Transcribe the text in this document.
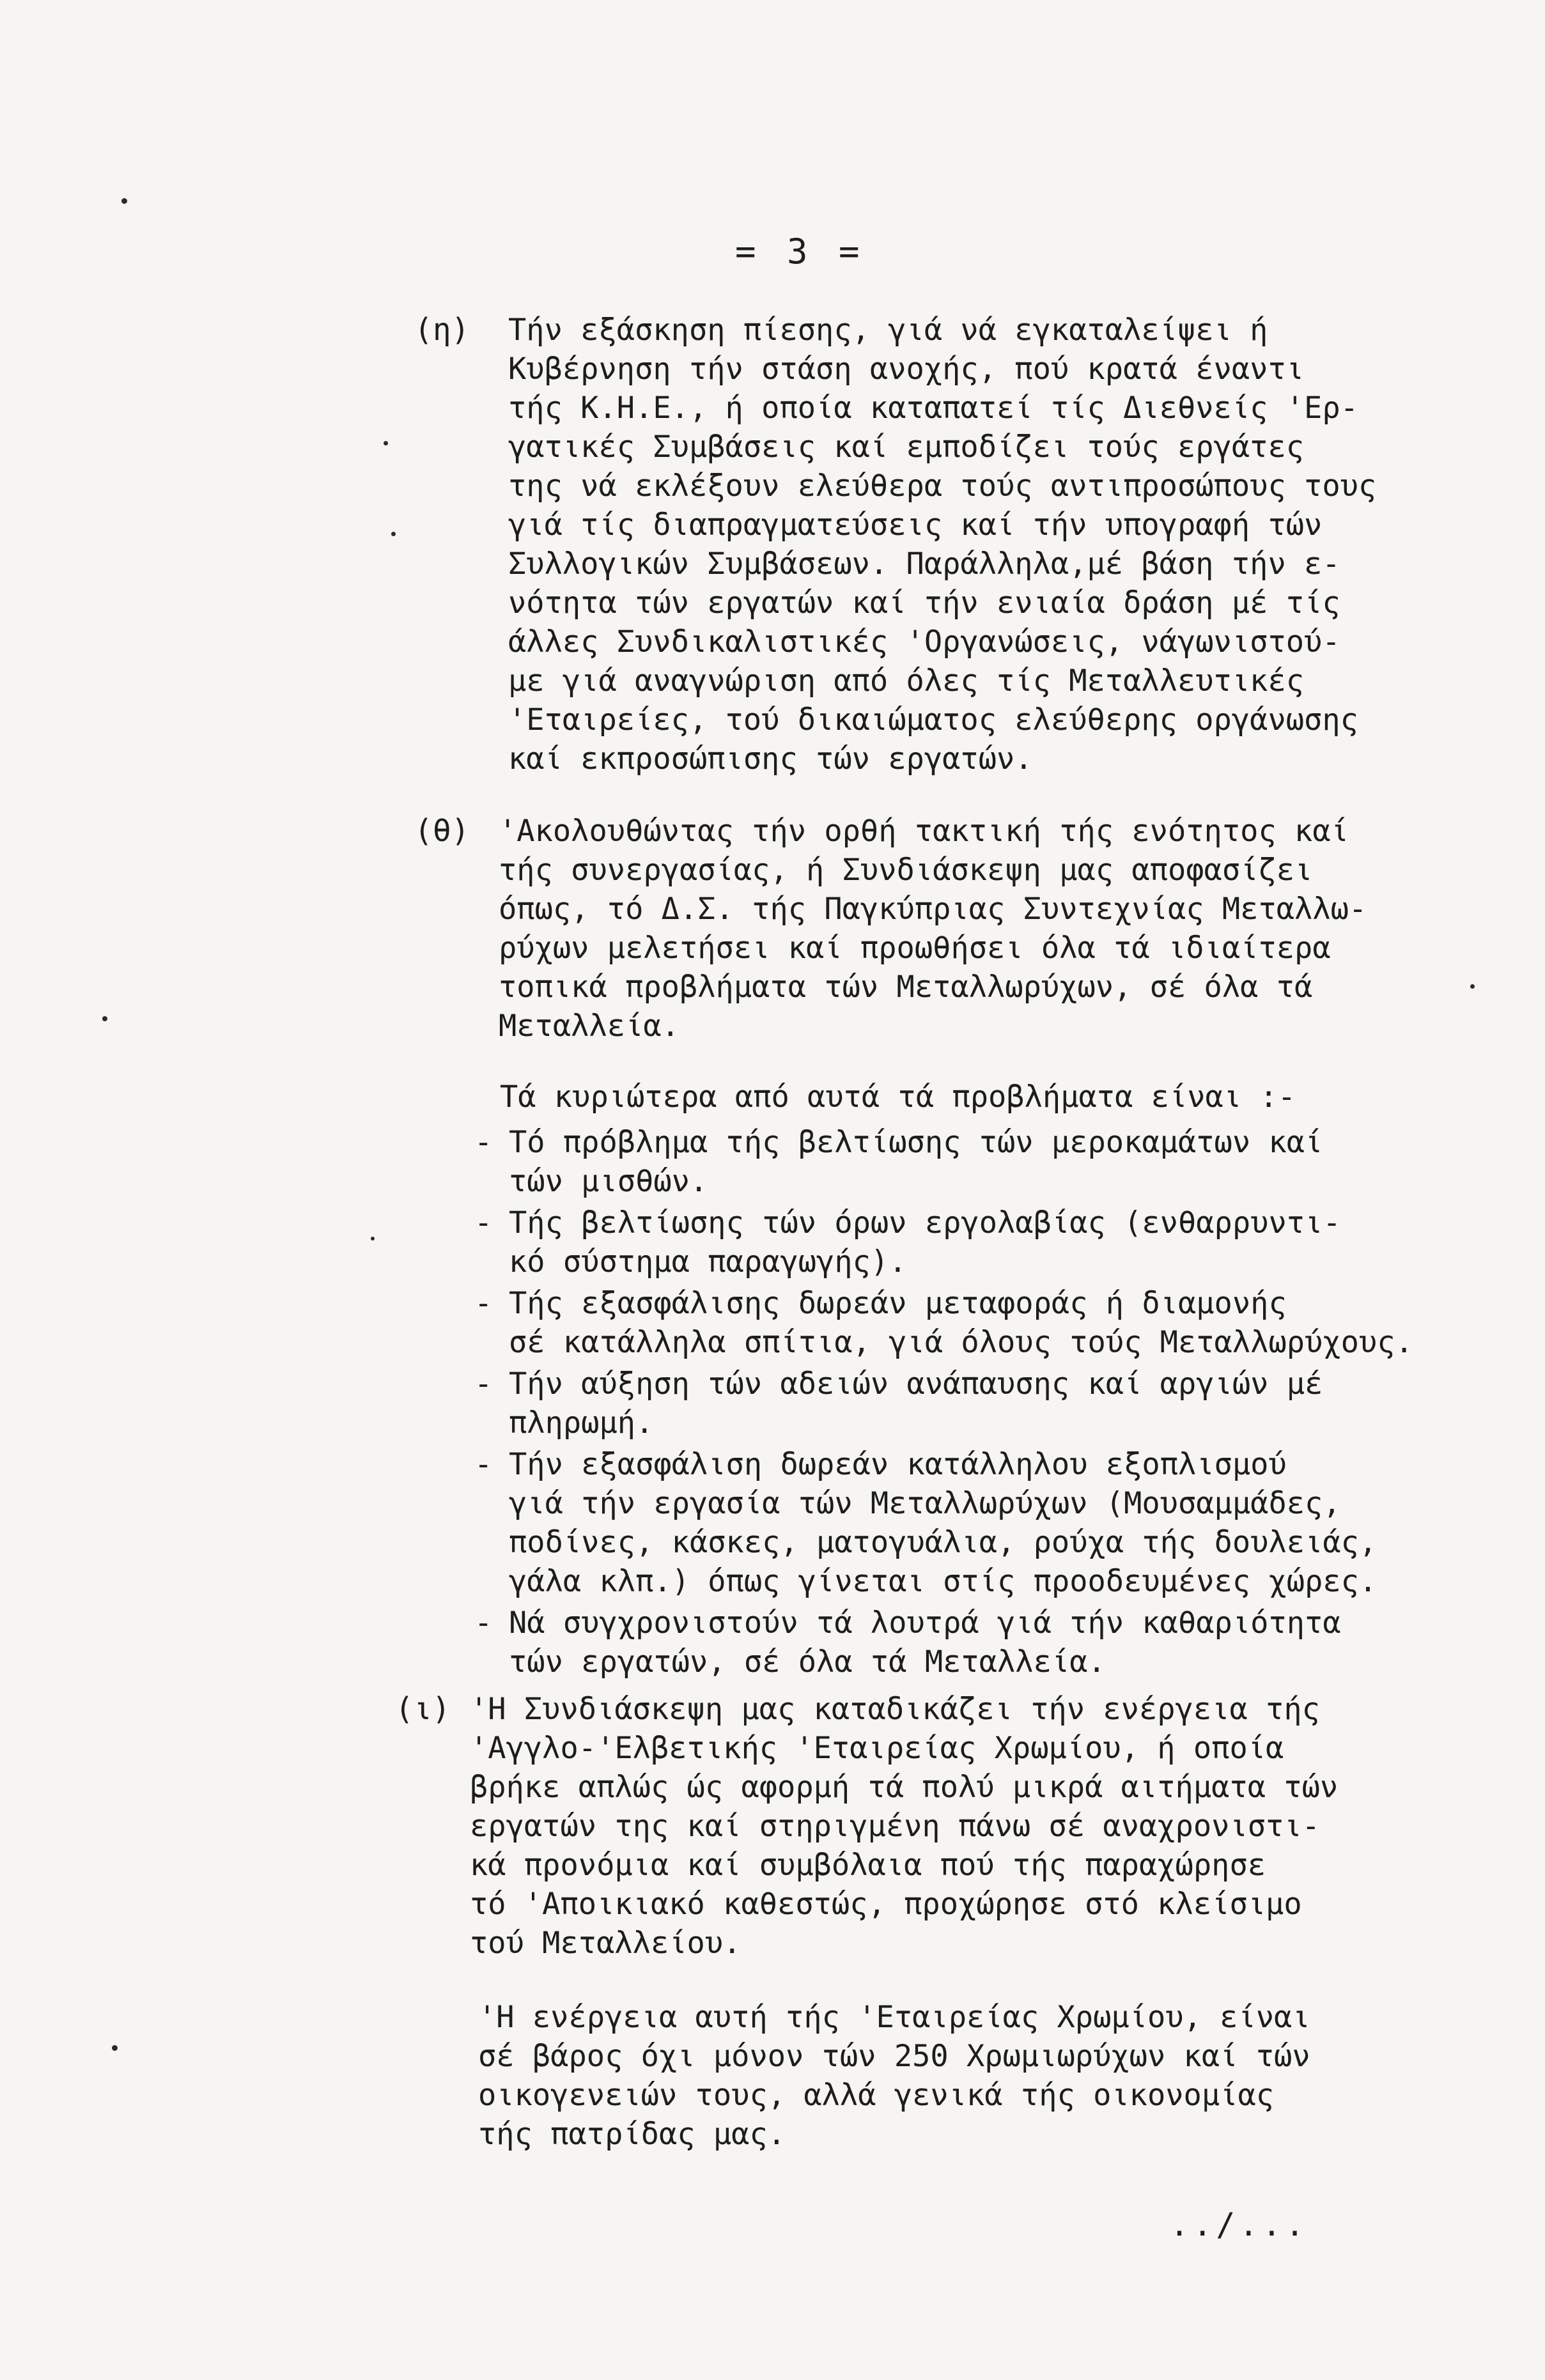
= 3 =
(η) Τήν εξάσκηση πίεσης, γιά νά εγκαταλείψει ή
Κυβέρνηση τήν στάση ανοχής, πού κρατά έναντι
τής Κ.Η.Ε., ή οποία καταπατεί τίς Διεθνείς 'Ερ-
γατικές Συμβάσεις καί εμποδίζει τούς εργάτες
της νά εκλέξουν ελεύθερα τούς αντιπροσώπους τους
γιά τίς διαπραγματεύσεις καί τήν υπογραφή τών
Συλλογικών Συμβάσεων. Παράλληλα,μέ βάση τήν ε-
νότητα τών εργατών καί τήν ενιαία δράση μέ τίς
άλλες Συνδικαλιστικές 'Οργανώσεις, νάγωνιστού-
με γιά αναγνώριση από όλες τίς Μεταλλευτικές
'Εταιρείες, τού δικαιώματος ελεύθερης οργάνωσης
καί εκπροσώπισης τών εργατών.
(θ) 'Ακολουθώντας τήν ορθή τακτική τής ενότητος καί
τής συνεργασίας, ή Συνδιάσκεψη μας αποφασίζει
όπως, τό Δ.Σ. τής Παγκύπριας Συντεχνίας Μεταλλω-
ρύχων μελετήσει καί προωθήσει όλα τά ιδιαίτερα
τοπικά προβλήματα τών Μεταλλωρύχων, σέ όλα τά
Μεταλλεία.
Τά κυριώτερα από αυτά τά προβλήματα είναι :-
- Τό πρόβλημα τής βελτίωσης τών μεροκαμάτων καί
τών μισθών.
- Τής βελτίωσης τών όρων εργολαβίας (ενθαρρυντι-
κό σύστημα παραγωγής).
- Τής εξασφάλισης δωρεάν μεταφοράς ή διαμονής
σέ κατάλληλα σπίτια, γιά όλους τούς Μεταλλωρύχους.
- Τήν αύξηση τών αδειών ανάπαυσης καί αργιών μέ
πληρωμή.
- Τήν εξασφάλιση δωρεάν κατάλληλου εξοπλισμού
γιά τήν εργασία τών Μεταλλωρύχων (Μουσαμμάδες,
ποδίνες, κάσκες, ματογυάλια, ρούχα τής δουλειάς,
γάλα κλπ.) όπως γίνεται στίς προοδευμένες χώρες.
- Νά συγχρονιστούν τά λουτρά γιά τήν καθαριότητα
τών εργατών, σέ όλα τά Μεταλλεία.
(ι) 'Η Συνδιάσκεψη μας καταδικάζει τήν ενέργεια τής
'Αγγλο-'Ελβετικής 'Εταιρείας Χρωμίου, ή οποία
βρήκε απλώς ώς αφορμή τά πολύ μικρά αιτήματα τών
εργατών της καί στηριγμένη πάνω σέ αναχρονιστι-
κά προνόμια καί συμβόλαια πού τής παραχώρησε
τό 'Αποικιακό καθεστώς, προχώρησε στό κλείσιμο
τού Μεταλλείου.
'Η ενέργεια αυτή τής 'Εταιρείας Χρωμίου, είναι
σέ βάρος όχι μόνον τών 250 Χρωμιωρύχων καί τών
οικογενειών τους, αλλά γενικά τής οικονομίας
τής πατρίδας μας.
../...
